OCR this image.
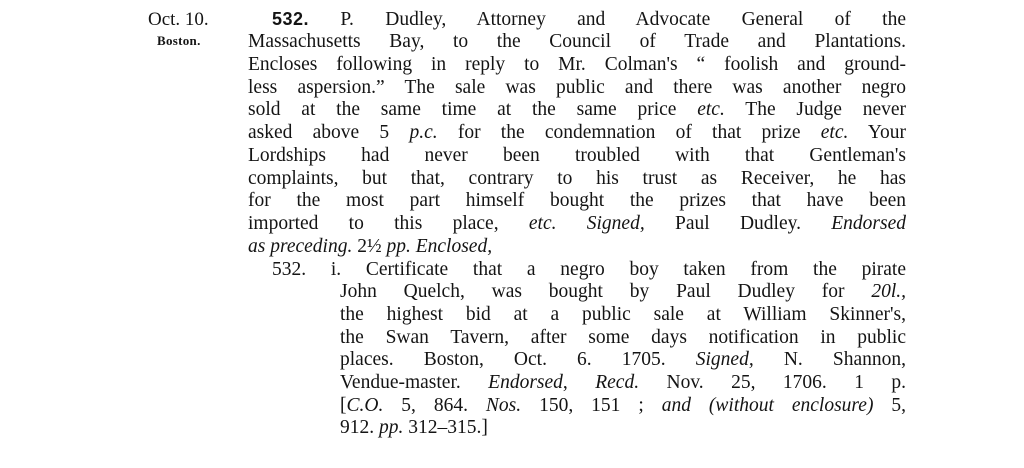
Oct. 10.
Boston.
532. P. Dudley, Attorney and Advocate General of the
Massachusetts Bay, to the Council of Trade and Plantations.
Encloses following in reply to Mr. Colman's “ foolish and ground-
less aspersion.” The sale was public and there was another negro
sold at the same time at the same price etc. The Judge never
asked above 5 p.c. for the condemnation of that prize etc. Your
Lordships had never been troubled with that Gentleman's
complaints, but that, contrary to his trust as Receiver, he has
for the most part himself bought the prizes that have been
imported to this place, etc. Signed, Paul Dudley. Endorsed
as preceding. 2½ pp. Enclosed,
532. i. Certificate that a negro boy taken from the pirate
John Quelch, was bought by Paul Dudley for 20l.,
the highest bid at a public sale at William Skinner's,
the Swan Tavern, after some days notification in public
places. Boston, Oct. 6. 1705. Signed, N. Shannon,
Vendue-master. Endorsed, Recd. Nov. 25, 1706. 1 p.
[C.O. 5, 864. Nos. 150, 151 ; and (without enclosure) 5,
912. pp. 312–315.]
